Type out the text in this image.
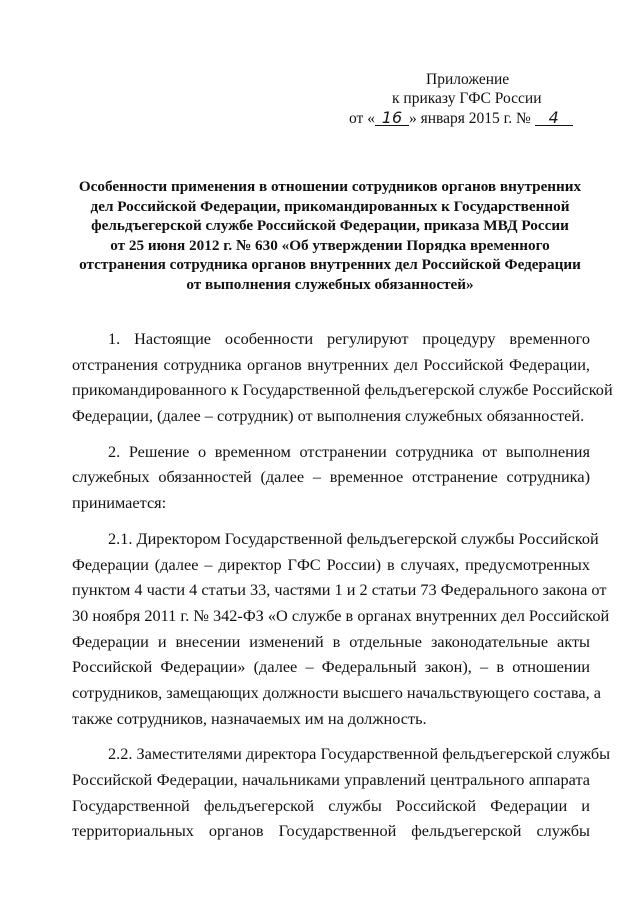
Приложение
к приказу ГФС России
от « 16 » января 2015 г. № 4
Особенности применения в отношении сотрудников органов внутренних
дел Российской Федерации, прикомандированных к Государственной
фельдъегерской службе Российской Федерации, приказа МВД России
от 25 июня 2012 г. № 630 «Об утверждении Порядка временного
отстранения сотрудника органов внутренних дел Российской Федерации
от выполнения служебных обязанностей»
1. Настоящие особенности регулируют процедуру временного
отстранения сотрудника органов внутренних дел Российской Федерации,
прикомандированного к Государственной фельдъегерской службе Российской
Федерации, (далее – сотрудник) от выполнения служебных обязанностей.
2. Решение о временном отстранении сотрудника от выполнения
служебных обязанностей (далее – временное отстранение сотрудника)
принимается:
2.1. Директором Государственной фельдъегерской службы Российской
Федерации (далее – директор ГФС России) в случаях, предусмотренных
пунктом 4 части 4 статьи 33, частями 1 и 2 статьи 73 Федерального закона от
30 ноября 2011 г. № 342-ФЗ «О службе в органах внутренних дел Российской
Федерации и внесении изменений в отдельные законодательные акты
Российской Федерации» (далее – Федеральный закон), – в отношении
сотрудников, замещающих должности высшего начальствующего состава, а
также сотрудников, назначаемых им на должность.
2.2. Заместителями директора Государственной фельдъегерской службы
Российской Федерации, начальниками управлений центрального аппарата
Государственной фельдъегерской службы Российской Федерации и
территориальных органов Государственной фельдъегерской службы
